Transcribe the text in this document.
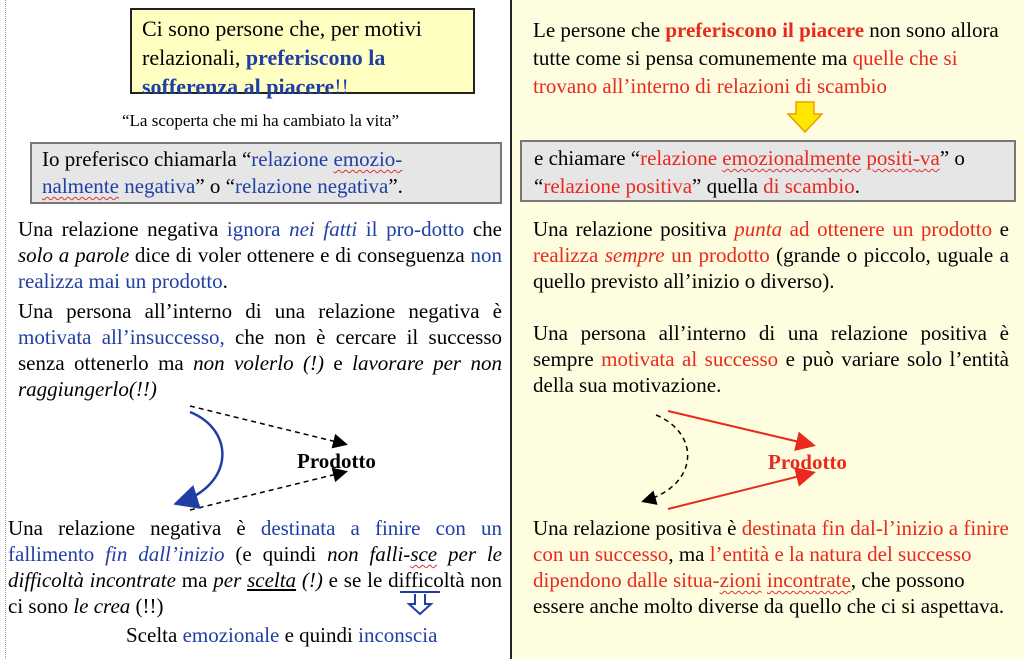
Ci sono persone che, per motivi relazionali, preferiscono la sofferenza al piacere!!
“La scoperta che mi ha cambiato la vita”
Io preferisco chiamarla “relazione emozio-
nalmente negativa” o “relazione negativa”.
Una relazione negativa ignora nei fatti il pro-dotto che solo a parole dice di voler ottenere e di conseguenza non realizza mai un prodotto.
Una persona all’interno di una relazione negativa è motivata all’insuccesso, che non è cercare il successo senza ottenerlo ma non volerlo (!) e lavorare per non raggiungerlo(!!)
Prodotto
Una relazione negativa è destinata a finire con un fallimento fin dall’inizio (e quindi non falli-sce per le difficoltà incontrate ma per scelta (!) e se le difficoltà non ci sono le crea (!!)
Scelta emozionale e quindi inconscia
Le persone che preferiscono il piacere non sono allora tutte come si pensa comunemente ma quelle che si trovano all’interno di relazioni di scambio
e chiamare “relazione emozionalmente positi-va” o “relazione positiva” quella di scambio.
Una relazione positiva punta ad ottenere un prodotto e realizza sempre un prodotto (grande o piccolo, uguale a quello previsto all’inizio o diverso).
Una persona all’interno di una relazione positiva è sempre motivata al successo e può variare solo l’entità della sua motivazione.
Prodotto
Una relazione positiva è destinata fin dal-l’inizio a finire con un successo, ma l’entità e la natura del successo dipendono dalle situa-zioni incontrate, che possono essere anche molto diverse da quello che ci si aspettava.
